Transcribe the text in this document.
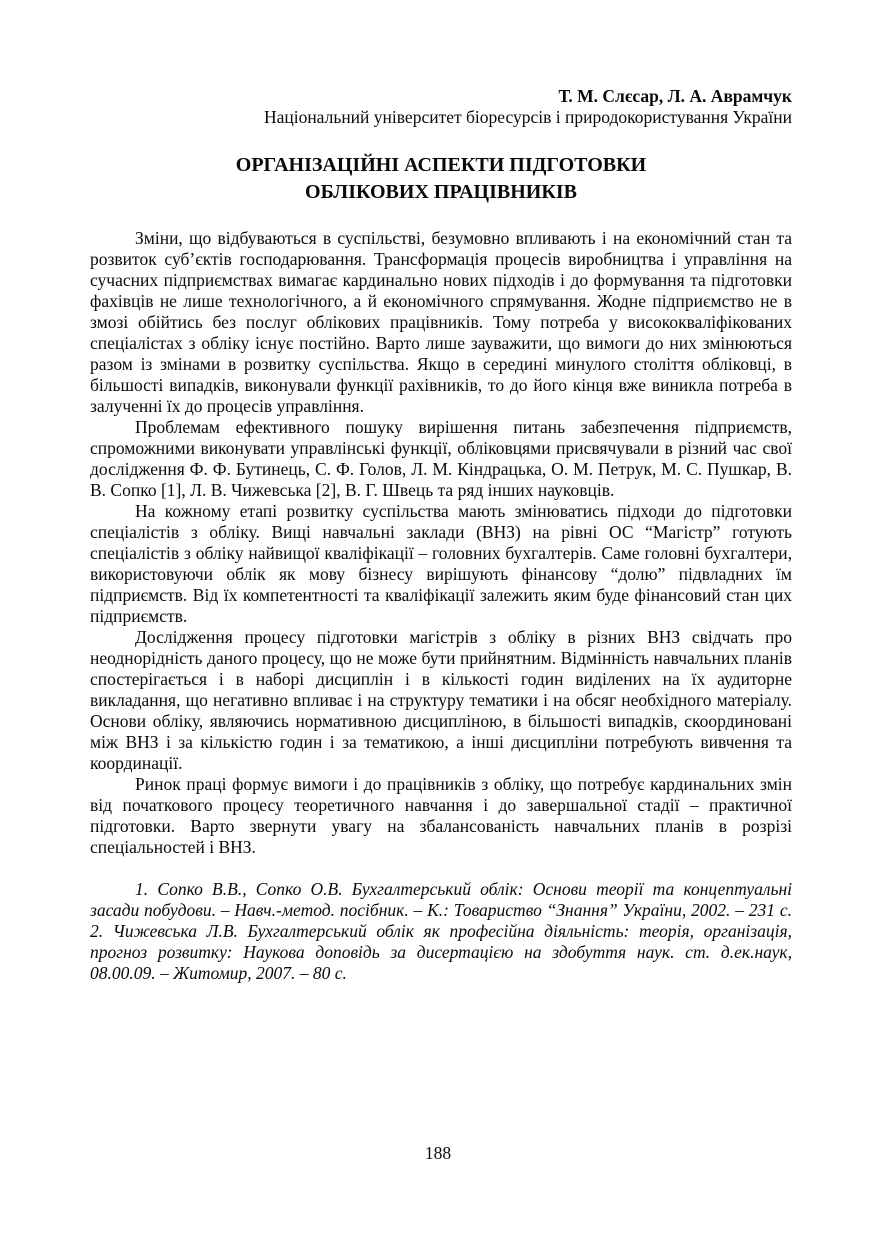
Т. М. Слєсар, Л. А. Аврамчук
Національний університет біоресурсів і природокористування України
ОРГАНІЗАЦІЙНІ АСПЕКТИ ПІДГОТОВКИ
ОБЛІКОВИХ ПРАЦІВНИКІВ

Зміни, що відбуваються в суспільстві, безумовно впливають і на економічний стан та розвиток суб’єктів господарювання. Трансформація процесів виробництва і управління на сучасних підприємствах вимагає кардинально нових підходів і до формування та підготовки фахівців не лише технологічного, а й економічного спрямування. Жодне підприємство не в змозі обійтись без послуг облікових працівників. Тому потреба у висококваліфікованих спеціалістах з обліку існує постійно. Варто лише зауважити, що вимоги до них змінюються разом із змінами в розвитку суспільства. Якщо в середині минулого століття обліковці, в більшості випадків, виконували функції рахівників, то до його кінця вже виникла потреба в залученні їх до процесів управління.

Проблемам ефективного пошуку вирішення питань забезпечення підприємств, спроможними виконувати управлінські функції, обліковцями присвячували в різний час свої дослідження Ф. Ф. Бутинець, С. Ф. Голов, Л. М. Кіндрацька, О. М. Петрук, М. С. Пушкар, В. В. Сопко [1], Л. В. Чижевська [2], В. Г. Швець та ряд інших науковців.

На кожному етапі розвитку суспільства мають змінюватись підходи до підготовки спеціалістів з обліку. Вищі навчальні заклади (ВНЗ) на рівні ОС “Магістр” готують спеціалістів з обліку найвищої кваліфікації – головних бухгалтерів. Саме головні бухгалтери, використовуючи облік як мову бізнесу вирішують фінансову “долю” підвладних їм підприємств. Від їх компетентності та кваліфікації залежить яким буде фінансовий стан цих підприємств.

Дослідження процесу підготовки магістрів з обліку в різних ВНЗ свідчать про неоднорідність даного процесу, що не може бути прийнятним. Відмінність навчальних планів спостерігається і в наборі дисциплін і в кількості годин виділених на їх аудиторне викладання, що негативно впливає і на структуру тематики і на обсяг необхідного матеріалу. Основи обліку, являючись нормативною дисципліною, в більшості випадків, скоординовані між ВНЗ і за кількістю годин і за тематикою, а інші дисципліни потребують вивчення та координації.

Ринок праці формує вимоги і до працівників з обліку, що потребує кардинальних змін від початкового процесу теоретичного навчання і до завершальної стадії – практичної підготовки. Варто звернути увагу на збалансованість навчальних планів в розрізі спеціальностей і ВНЗ.

1. Сопко В.В., Сопко О.В. Бухгалтерський облік: Основи теорії та концептуальні засади побудови. – Навч.-метод. посібник. – К.: Товариство “Знання” України, 2002. – 231 с. 2. Чижевська Л.В. Бухгалтерський облік як професійна діяльність: теорія, організація, прогноз розвитку: Наукова доповідь за дисертацією на здобуття наук. ст. д.ек.наук, 08.00.09. – Житомир, 2007. – 80 с.

188
